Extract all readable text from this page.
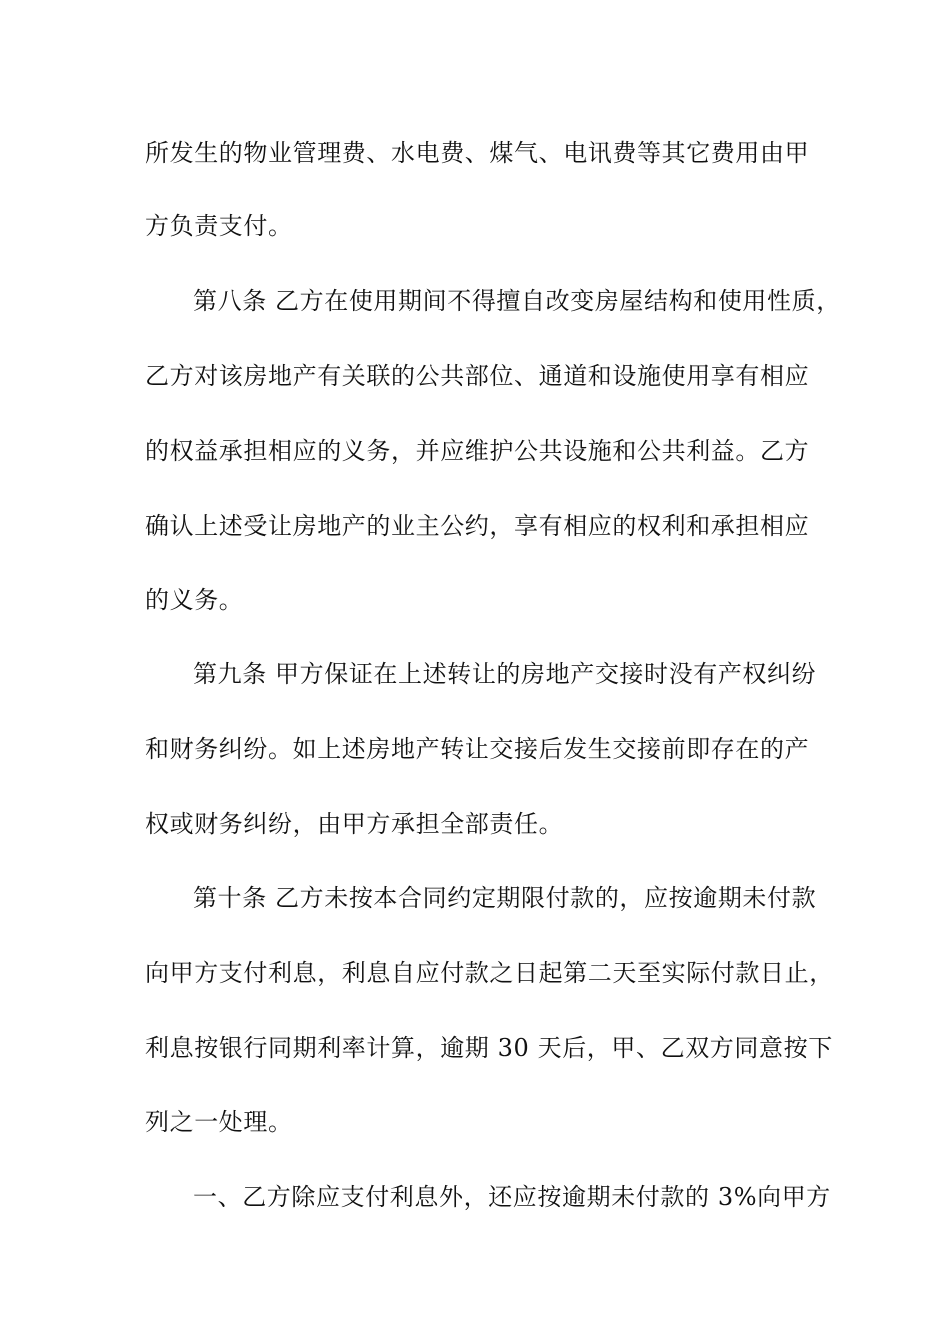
所发生的物业管理费、水电费、煤气、电讯费等其它费用由甲
方负责支付。
第八条 乙方在使用期间不得擅自改变房屋结构和使用性质，
乙方对该房地产有关联的公共部位、通道和设施使用享有相应
的权益承担相应的义务，并应维护公共设施和公共利益。乙方
确认上述受让房地产的业主公约，享有相应的权利和承担相应
的义务。
第九条 甲方保证在上述转让的房地产交接时没有产权纠纷
和财务纠纷。如上述房地产转让交接后发生交接前即存在的产
权或财务纠纷，由甲方承担全部责任。
第十条 乙方未按本合同约定期限付款的，应按逾期未付款
向甲方支付利息，利息自应付款之日起第二天至实际付款日止，
利息按银行同期利率计算，逾期 30 天后，甲、乙双方同意按下
列之一处理。
一、乙方除应支付利息外，还应按逾期未付款的 3%向甲方
